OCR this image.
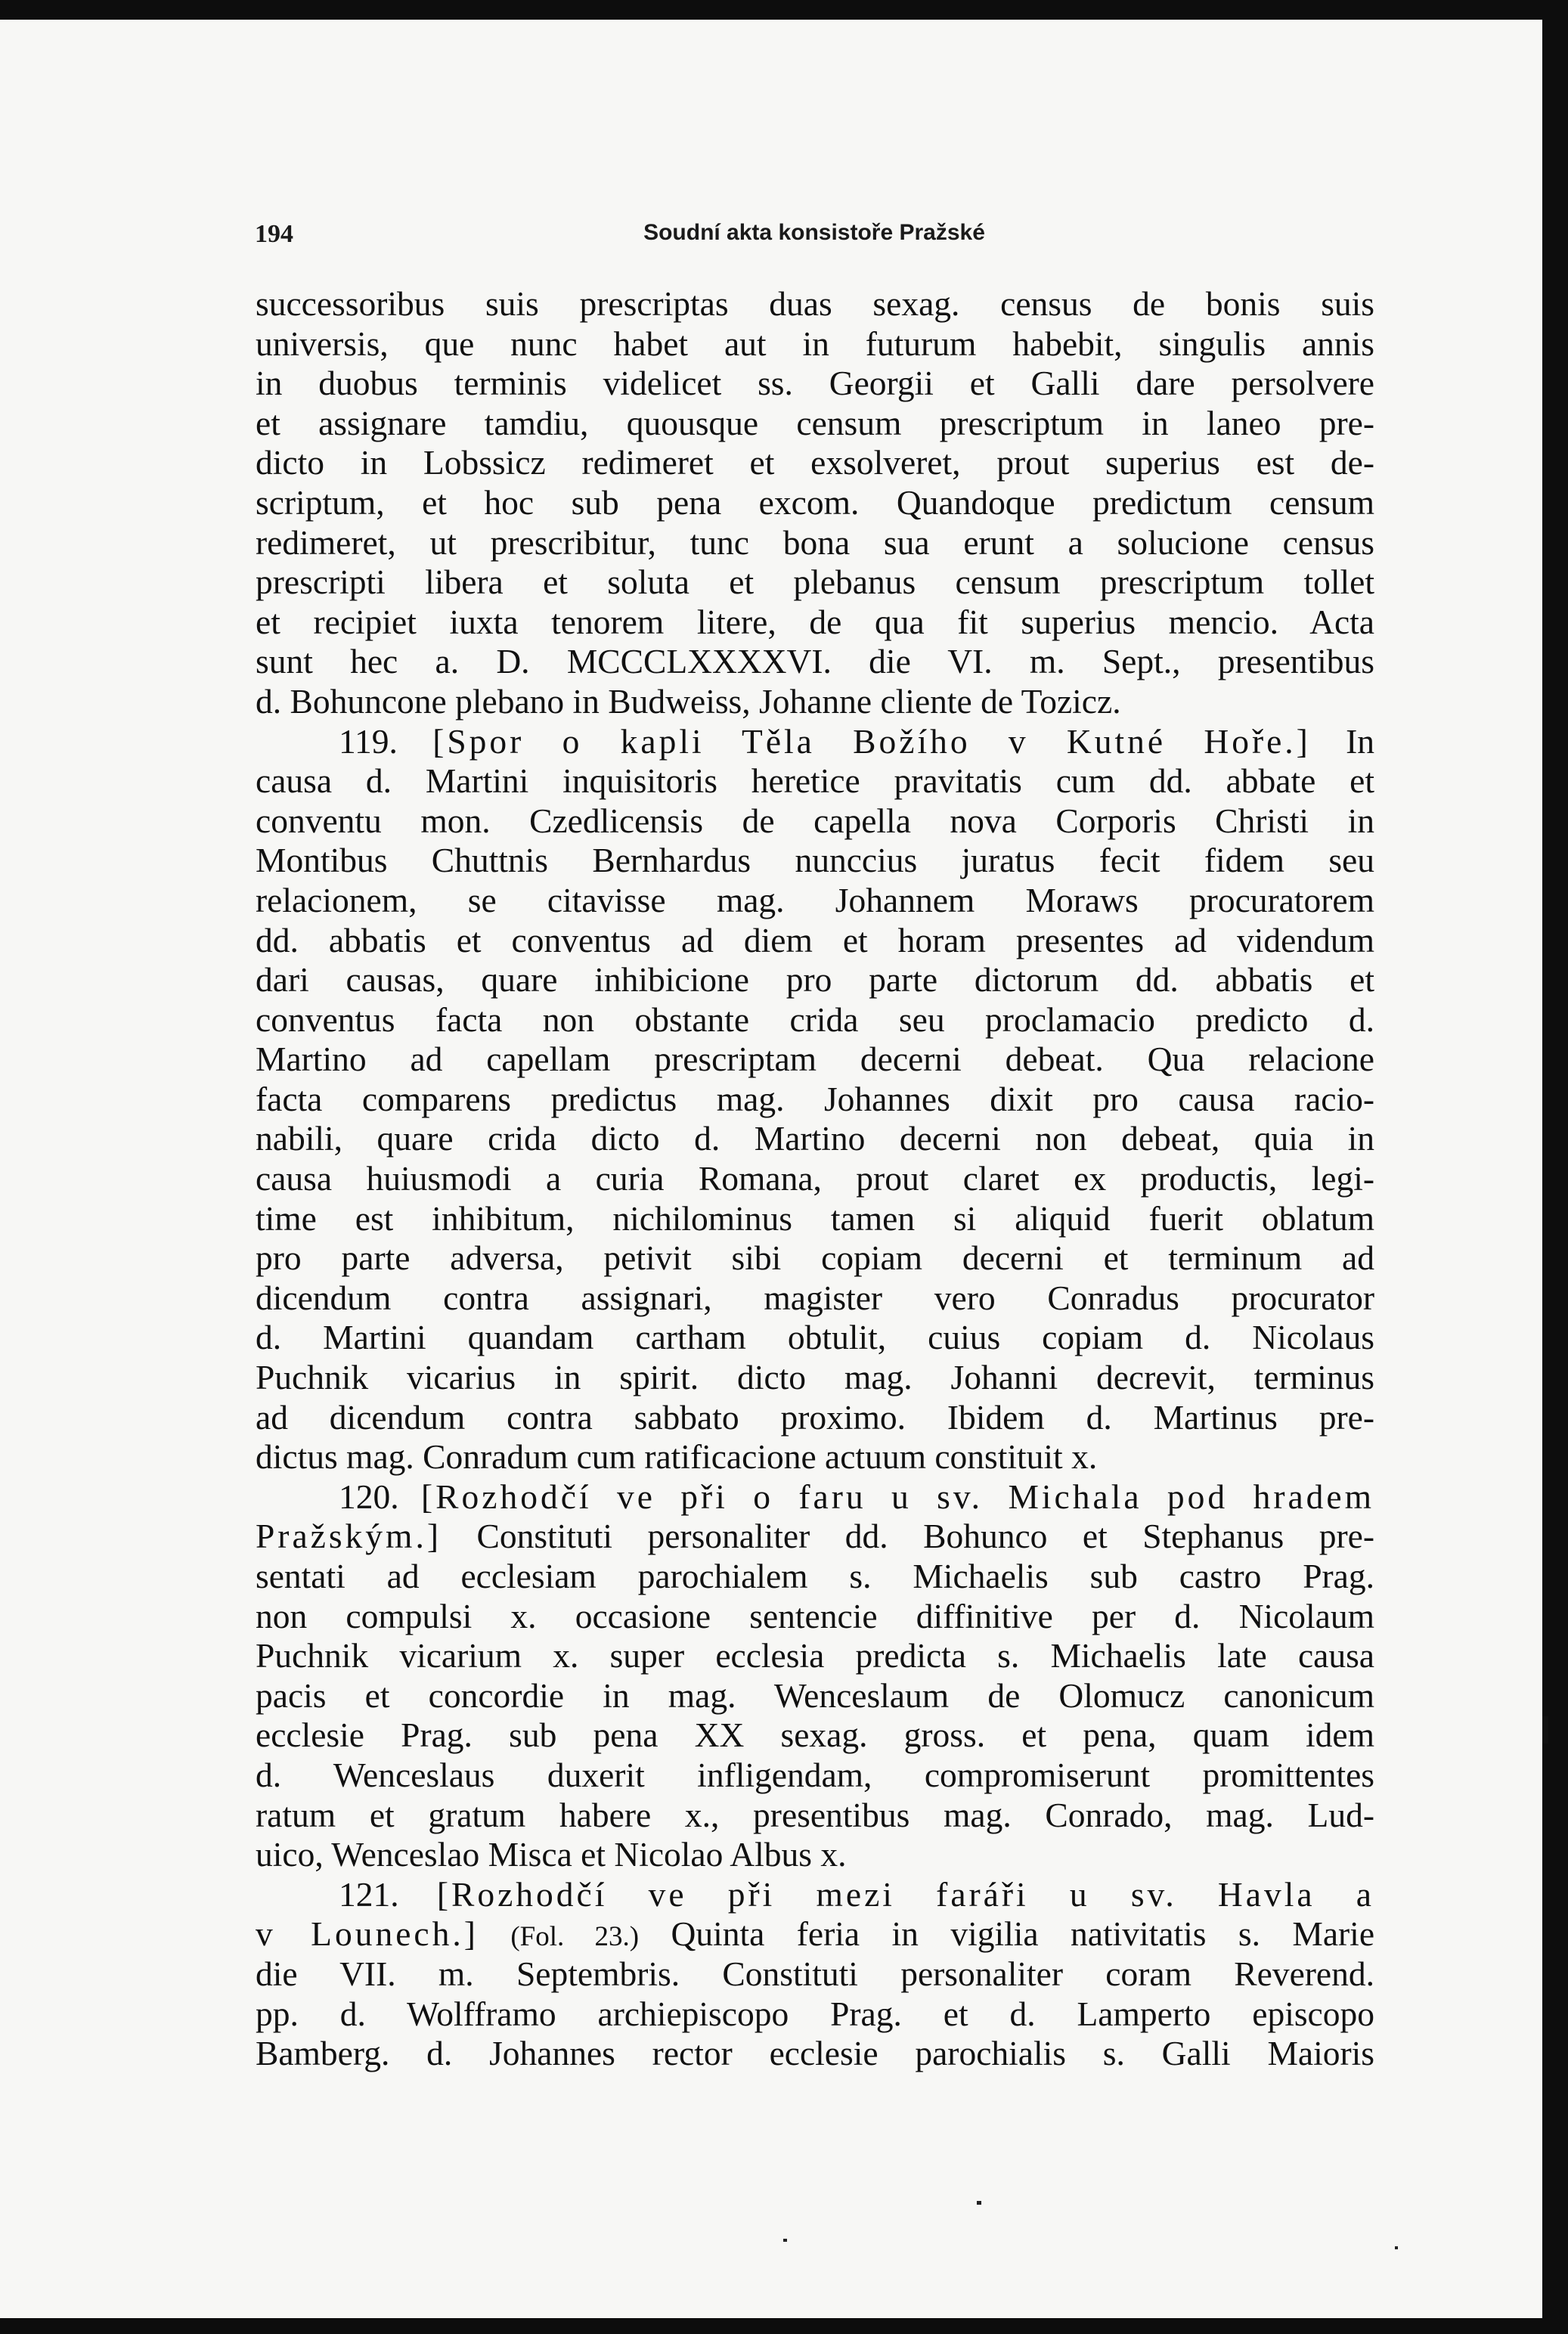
194	Soudní akta konsistoře Pražské
successoribus suis prescriptas duas sexag. census de bonis suis
universis, que nunc habet aut in futurum habebit, singulis annis
in duobus terminis videlicet ss. Georgii et Galli dare persolvere
et assignare tamdiu, quousque censum prescriptum in laneo pre-
dicto in Lobssicz redimeret et exsolveret, prout superius est de-
scriptum, et hoc sub pena excom. Quandoque predictum censum
redimeret, ut prescribitur, tunc bona sua erunt a solucione census
prescripti libera et soluta et plebanus censum prescriptum tollet
et recipiet iuxta tenorem litere, de qua fit superius mencio. Acta
sunt hec a. D. MCCCLXXXXVI. die VI. m. Sept., presentibus
d. Bohuncone plebano in Budweiss, Johanne cliente de Tozicz.
119. [Spor o kapli Těla Božího v Kutné Hoře.] In
causa d. Martini inquisitoris heretice pravitatis cum dd. abbate et
conventu mon. Czedlicensis de capella nova Corporis Christi in
Montibus Chuttnis Bernhardus nunccius juratus fecit fidem seu
relacionem, se citavisse mag. Johannem Moraws procuratorem
dd. abbatis et conventus ad diem et horam presentes ad videndum
dari causas, quare inhibicione pro parte dictorum dd. abbatis et
conventus facta non obstante crida seu proclamacio predicto d.
Martino ad capellam prescriptam decerni debeat. Qua relacione
facta comparens predictus mag. Johannes dixit pro causa racio-
nabili, quare crida dicto d. Martino decerni non debeat, quia in
causa huiusmodi a curia Romana, prout claret ex productis, legi-
time est inhibitum, nichilominus tamen si aliquid fuerit oblatum
pro parte adversa, petivit sibi copiam decerni et terminum ad
dicendum contra assignari, magister vero Conradus procurator
d. Martini quandam cartham obtulit, cuius copiam d. Nicolaus
Puchnik vicarius in spirit. dicto mag. Johanni decrevit, terminus
ad dicendum contra sabbato proximo. Ibidem d. Martinus pre-
dictus mag. Conradum cum ratificacione actuum constituit x.
120. [Rozhodčí ve při o faru u sv. Michala pod hradem
Pražským.] Constituti personaliter dd. Bohunco et Stephanus pre-
sentati ad ecclesiam parochialem s. Michaelis sub castro Prag.
non compulsi x. occasione sentencie diffinitive per d. Nicolaum
Puchnik vicarium x. super ecclesia predicta s. Michaelis late causa
pacis et concordie in mag. Wenceslaum de Olomucz canonicum
ecclesie Prag. sub pena XX sexag. gross. et pena, quam idem
d. Wenceslaus duxerit infligendam, compromiserunt promittentes
ratum et gratum habere x., presentibus mag. Conrado, mag. Lud-
uico, Wenceslao Misca et Nicolao Albus x.
121. [Rozhodčí ve při mezi faráři u sv. Havla a
v Lounech.] (Fol. 23.) Quinta feria in vigilia nativitatis s. Marie
die VII. m. Septembris. Constituti personaliter coram Reverend.
pp. d. Wolfframo archiepiscopo Prag. et d. Lamperto episcopo
Bamberg. d. Johannes rector ecclesie parochialis s. Galli Maioris
